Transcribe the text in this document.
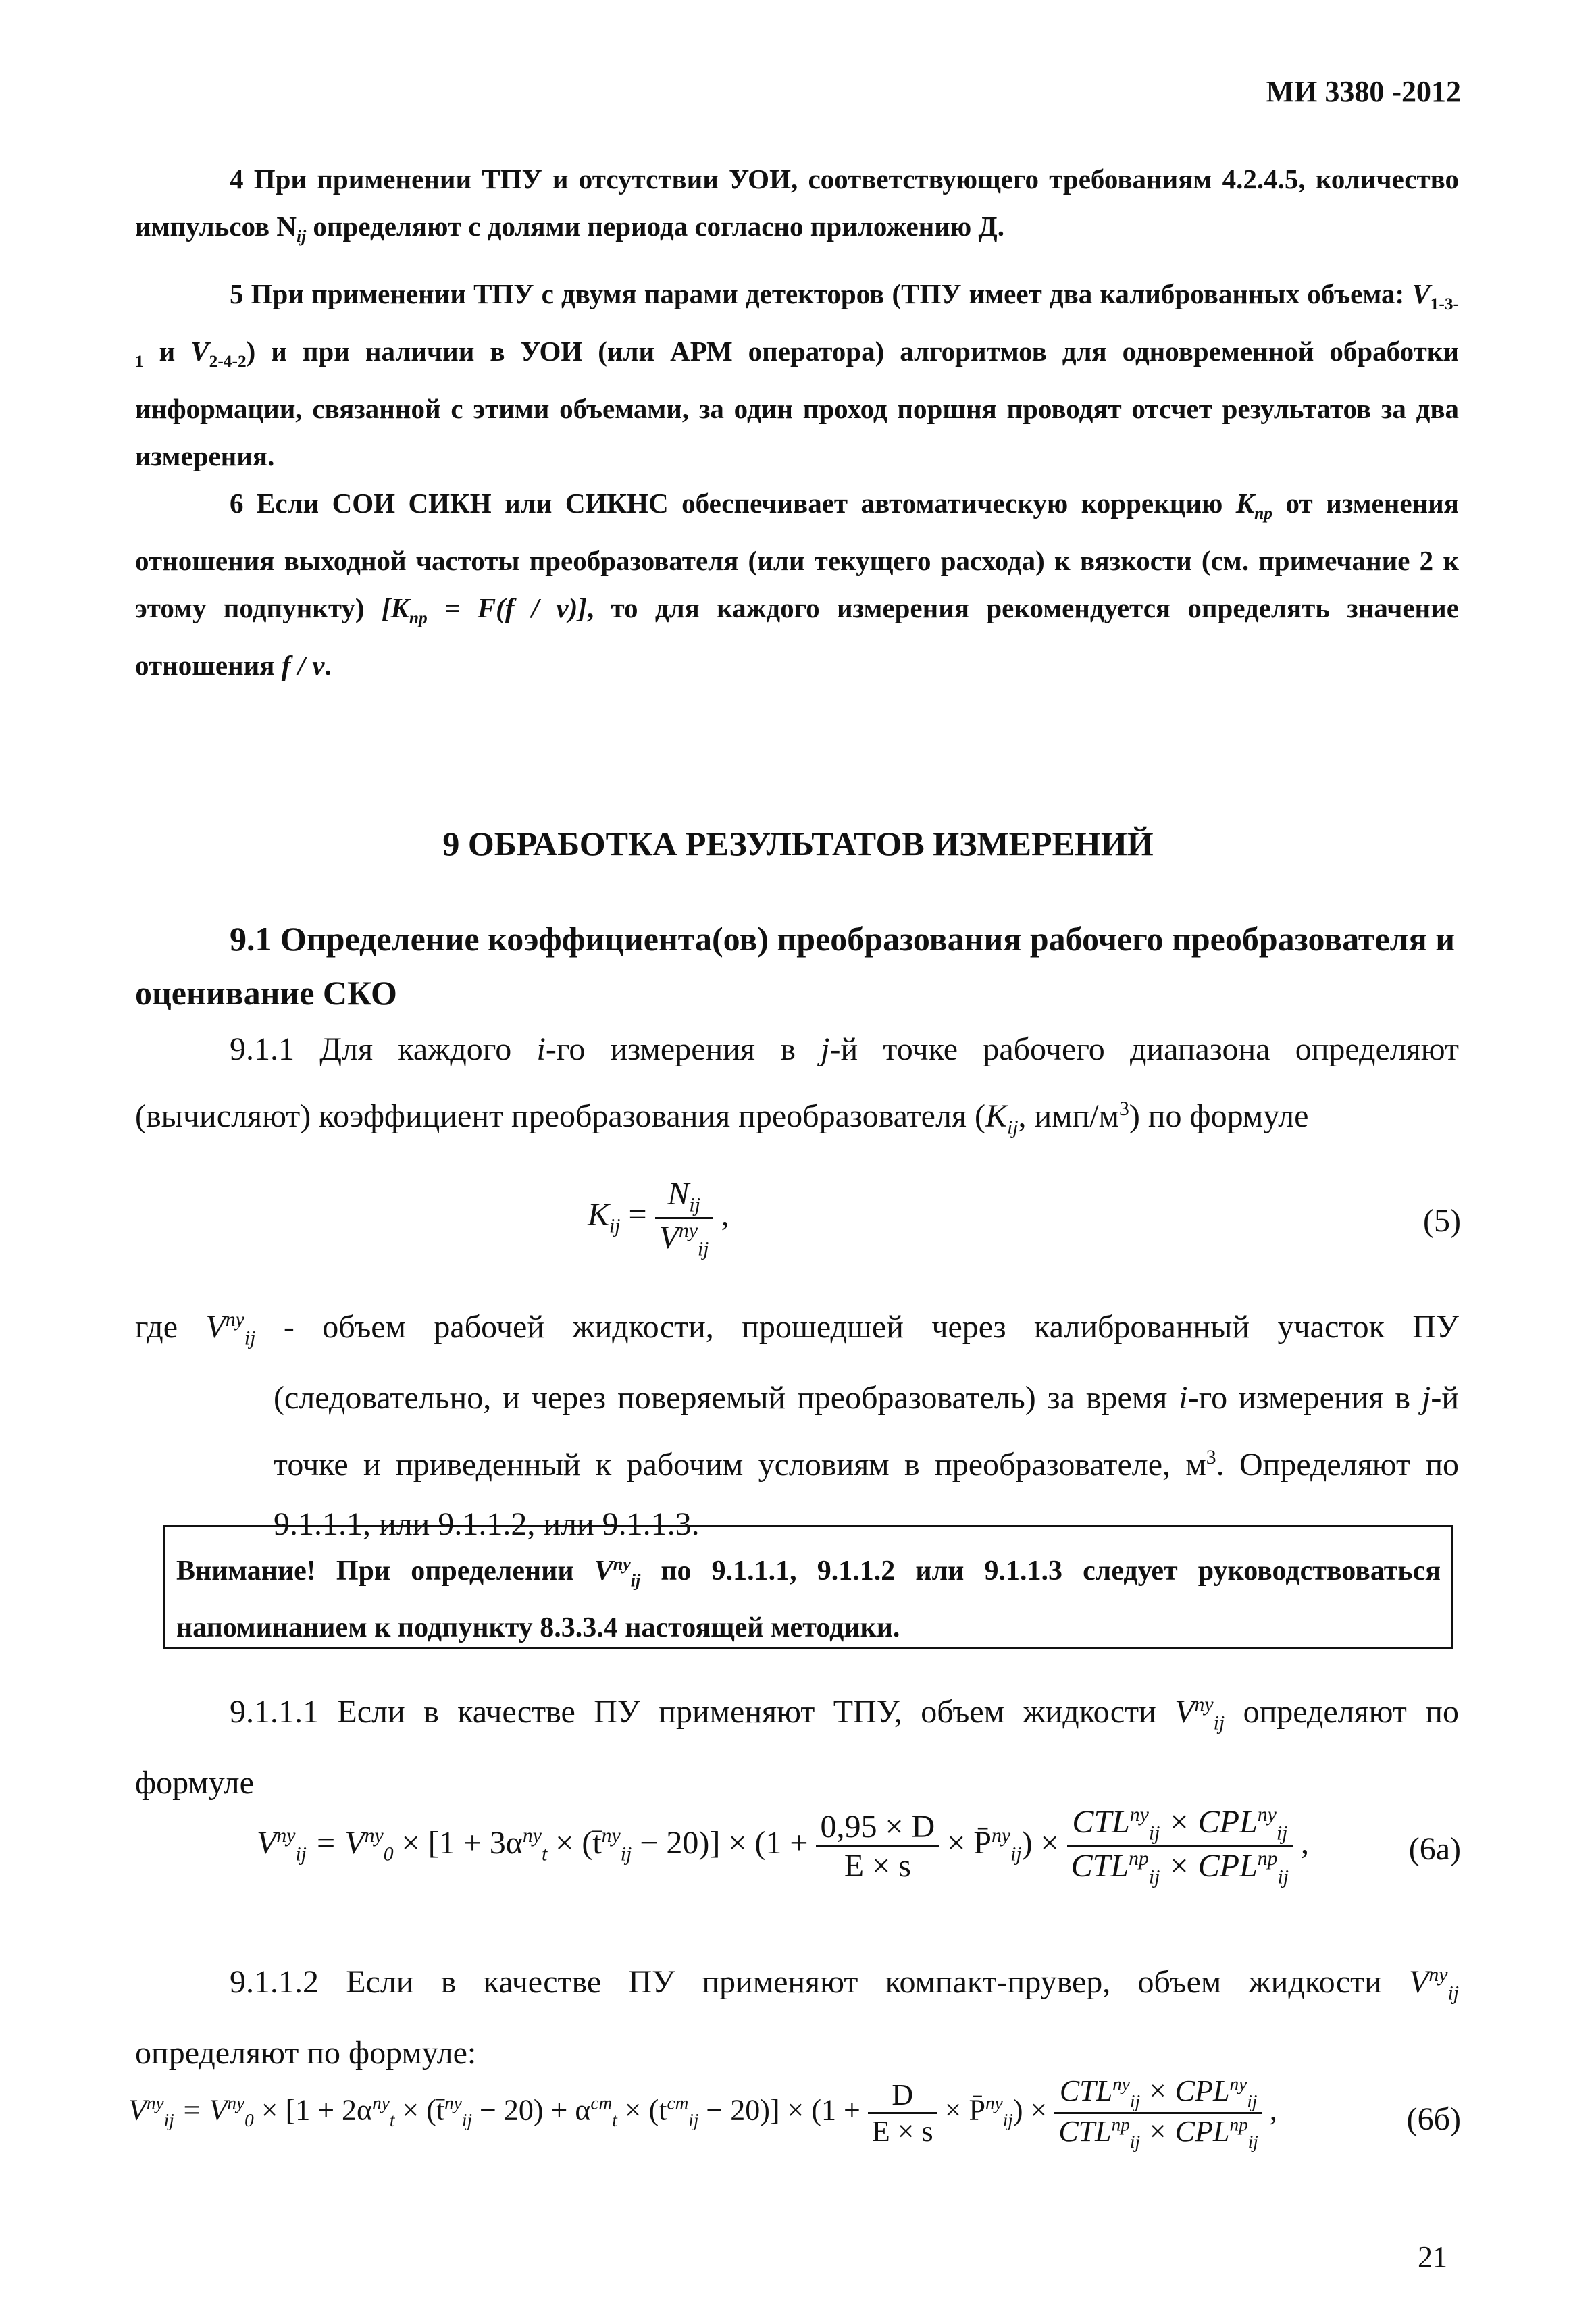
МИ 3380 -2012

4 При применении ТПУ и отсутствии УОИ, соответствующего требованиям 4.2.4.5, количество импульсов $N_{ij}$ определяют с долями периода согласно приложению Д.

5 При применении ТПУ с двумя парами детекторов (ТПУ имеет два калиброванных объема: $V_{1-3-1}$ и $V_{2-4-2}$) и при наличии в УОИ (или АРМ оператора) алгоритмов для одновременной обработки информации, связанной с этими объемами, за один проход поршня проводят отсчет результатов за два измерения.

6 Если СОИ СИКН или СИКНС обеспечивает автоматическую коррекцию $K_{пр}$ от изменения отношения выходной частоты преобразователя (или текущего расхода) к вязкости (см. примечание 2 к этому подпункту) $[K_{пр} = F(f / \nu)]$, то для каждого измерения рекомендуется определять значение отношения f / ν.

9 ОБРАБОТКА РЕЗУЛЬТАТОВ ИЗМЕРЕНИЙ
9.1 Определение коэффициента(ов) преобразования рабочего преобразователя и оценивание СКО

9.1.1 Для каждого i-го измерения в j-й точке рабочего диапазона определяют (вычисляют) коэффициент преобразования преобразователя ($K_{ij}$, имп/$м^3$) по формуле

$K_{ij} = \frac{N_{ij}}{V^{пу}_{ij}}$ ,	(5)

где $V^{пу}_{ij}$ - объем рабочей жидкости, прошедшей через калиброванный участок ПУ (следовательно, и через поверяемый преобразователь) за время i-го измерения в j-й точке и приведенный к рабочим условиям в преобразователе, $м^3$. Определяют по 9.1.1.1, или 9.1.1.2, или 9.1.1.3.

Внимание! При определении $V^{пу}_{ij}$ по 9.1.1.1, 9.1.1.2 или 9.1.1.3 следует руководствоваться напоминанием к подпункту 8.3.3.4 настоящей методики.

9.1.1.1 Если в качестве ПУ применяют ТПУ, объем жидкости $V^{пу}_{ij}$ определяют по формуле

$V^{пу}_{ij} = V^{пу}_0 \times [1 + 3\alpha^{пу}_t$ × (t̄$^{пу}_{ij}$ − $20)] \times (1 + \frac{0,95 \times D}{E \times s}$ × P̄$^{пу}_{ij}$) × $\frac{CTL^{пу}_{ij} \times CPL^{пу}_{ij}}{CTL^{пр}_{ij} \times CPL^{пр}_{ij}}$ ,	(6а)

9.1.1.2 Если в качестве ПУ применяют компакт-прувер, объем жидкости $V^{пу}_{ij}$ определяют по формуле:

$V^{пу}_{ij} = V^{пу}_0 \times [1 + 2\alpha^{пу}_t$ × (t̄$^{пу}_{ij}$ − $20) + \alpha^{ст}_t \times (t^{ст}_{ij} - 20)] \times (1 + \frac{D}{E \times s}$ × P̄$^{пу}_{ij}$) × $\frac{CTL^{пу}_{ij} \times CPL^{пу}_{ij}}{CTL^{пр}_{ij} \times CPL^{пр}_{ij}}$ ,	(6б)
21
